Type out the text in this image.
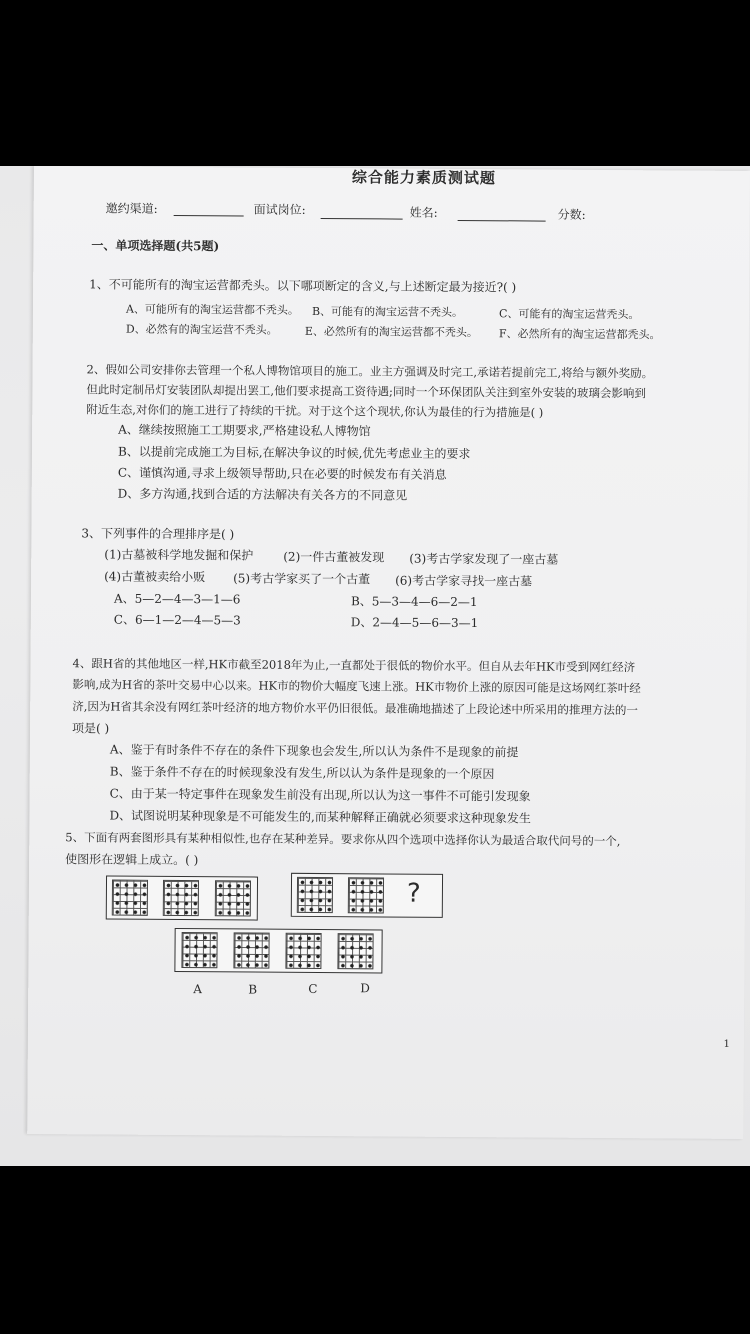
综合能力素质测试题
邀约渠道:	面试岗位:	姓名:	分数:
一、单项选择题(共5题)
1、不可能所有的淘宝运营都秃头。以下哪项断定的含义,与上述断定最为接近?( )
A、可能所有的淘宝运营都不秃头。 B、可能有的淘宝运营不秃头。	C、可能有的淘宝运营秃头。
D、必然有的淘宝运营不秃头。 E、必然所有的淘宝运营都不秃头。 F、必然所有的淘宝运营都秃头。
2、假如公司安排你去管理一个私人博物馆项目的施工。业主方强调及时完工,承诺若提前完工,将给与额外奖励。
但此时定制吊灯安装团队却提出罢工,他们要求提高工资待遇;同时一个环保团队关注到室外安装的玻璃会影响到
附近生态,对你们的施工进行了持续的干扰。对于这个这个现状,你认为最佳的行为措施是( )
A、继续按照施工工期要求,严格建设私人博物馆
B、以提前完成施工为目标,在解决争议的时候,优先考虑业主的要求
C、谨慎沟通,寻求上级领导帮助,只在必要的时候发布有关消息
D、多方沟通,找到合适的方法解决有关各方的不同意见
3、下列事件的合理排序是( )
(1)古墓被科学地发掘和保护 (2)一件古董被发现 (3)考古学家发现了一座古墓
(4)古董被卖给小贩 (5)考古学家买了一个古董 (6)考古学家寻找一座古墓
A、5—2—4—3—1—6	B、5—3—4—6—2—1
C、6—1—2—4—5—3	D、2—4—5—6—3—1
4、跟H省的其他地区一样,HK市截至2018年为止,一直都处于很低的物价水平。但自从去年HK市受到网红经济
影响,成为H省的茶叶交易中心以来。HK市的物价大幅度飞速上涨。HK市物价上涨的原因可能是这场网红茶叶经
济,因为H省其余没有网红茶叶经济的地方物价水平仍旧很低。最准确地描述了上段论述中所采用的推理方法的一
项是( )
A、鉴于有时条件不存在的条件下现象也会发生,所以认为条件不是现象的前提
B、鉴于条件不存在的时候现象没有发生,所以认为条件是现象的一个原因
C、由于某一特定事件在现象发生前没有出现,所以认为这一事件不可能引发现象
D、试图说明某种现象是不可能发生的,而某种解释正确就必须要求这种现象发生
5、下面有两套图形具有某种相似性,也存在某种差异。要求你从四个选项中选择你认为最适合取代问号的一个,
使图形在逻辑上成立。( )
?
A	B	C	D
1
